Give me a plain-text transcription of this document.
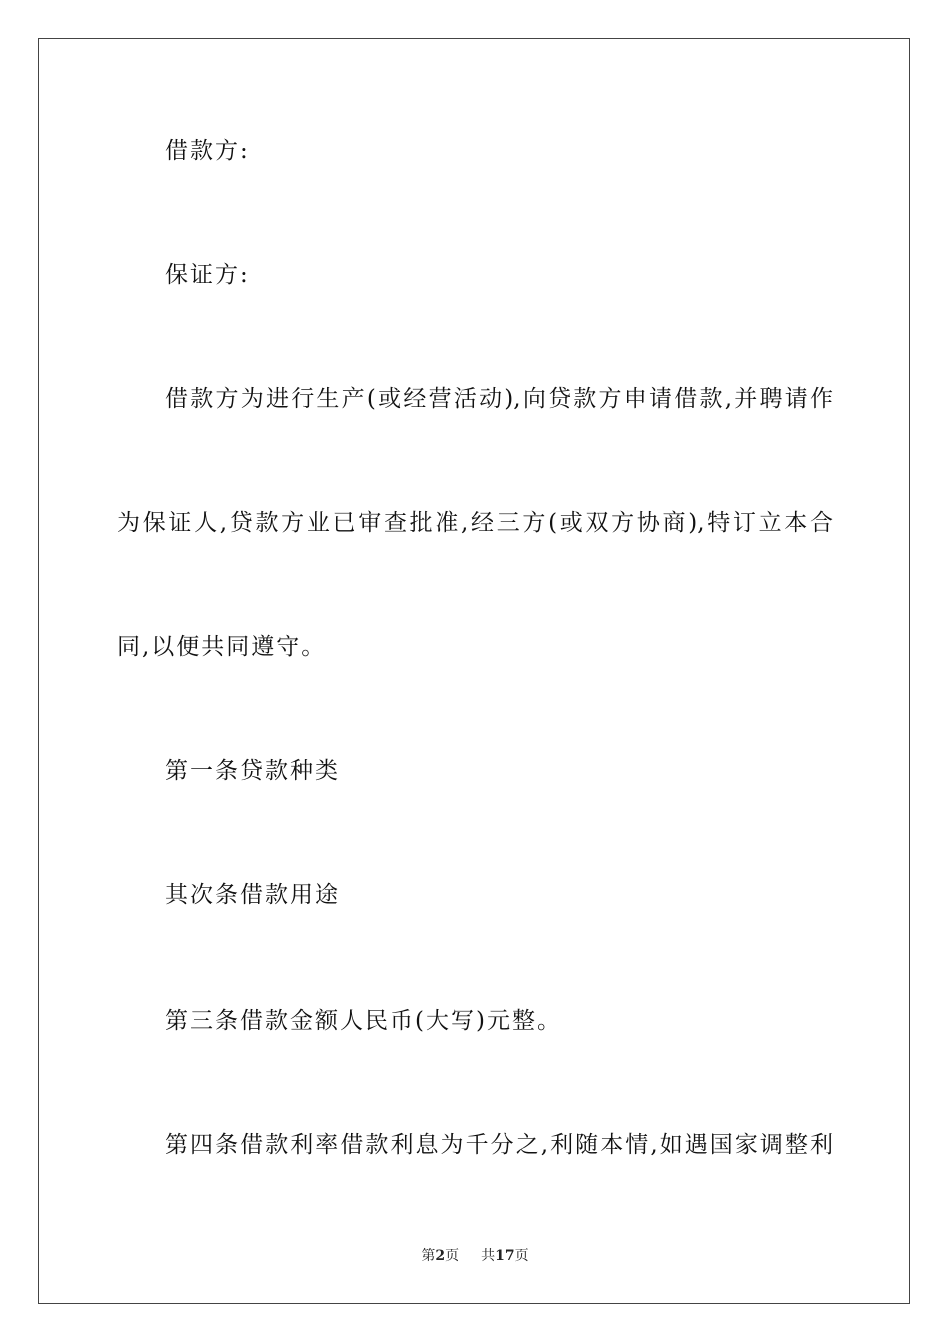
借款方:
保证方:
借款方为进行生产(或经营活动),向贷款方申请借款,并聘请作
为保证人,贷款方业已审查批准,经三方(或双方协商),特订立本合
同,以便共同遵守。
第一条贷款种类
其次条借款用途
第三条借款金额人民币(大写)元整。
第四条借款利率借款利息为千分之,利随本情,如遇国家调整利
第2页 共17页
